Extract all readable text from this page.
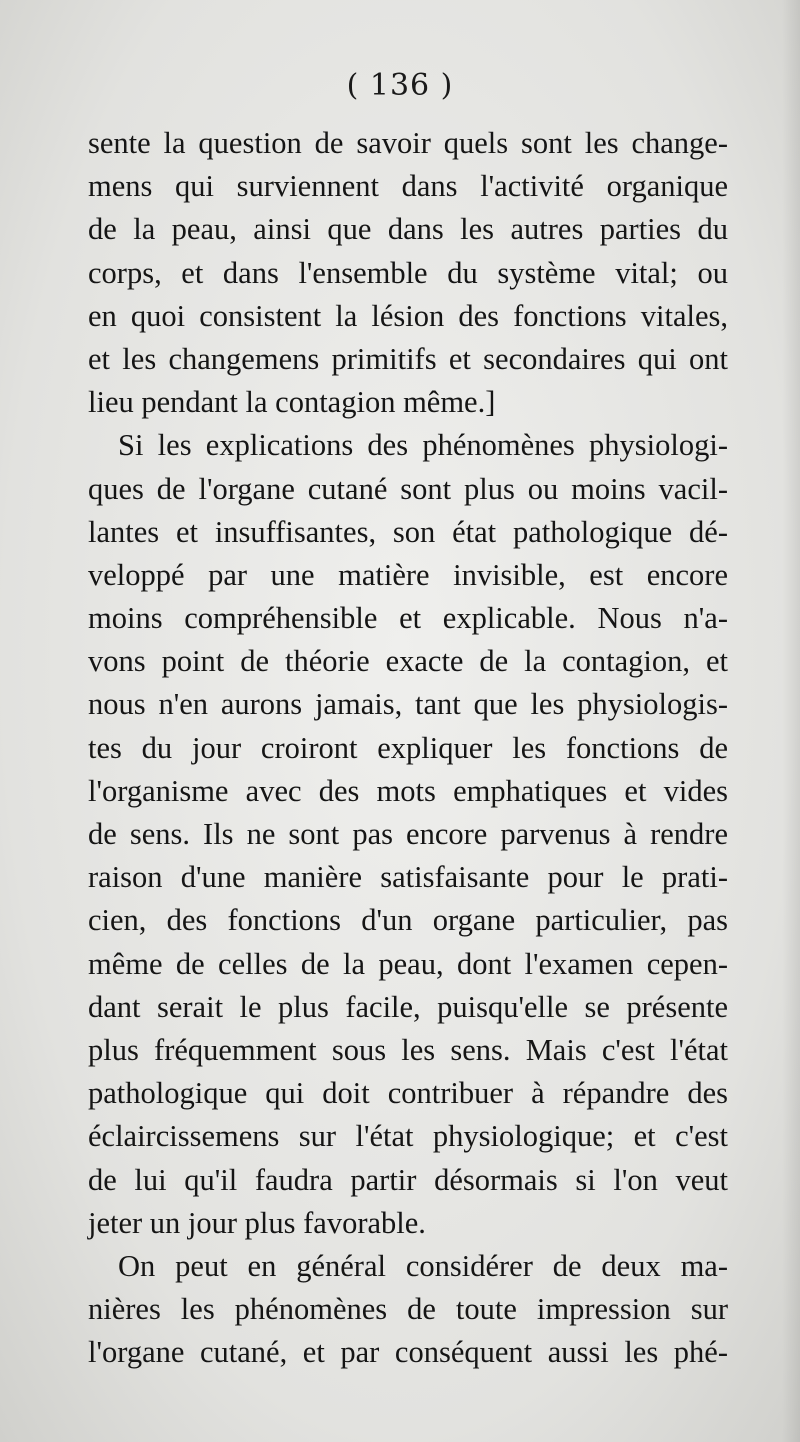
( 136 )
sente la question de savoir quels sont les change-
mens qui surviennent dans l'activité organique
de la peau, ainsi que dans les autres parties du
corps, et dans l'ensemble du système vital; ou
en quoi consistent la lésion des fonctions vitales,
et les changemens primitifs et secondaires qui ont
lieu pendant la contagion même.]
Si les explications des phénomènes physiologi-
ques de l'organe cutané sont plus ou moins vacil-
lantes et insuffisantes, son état pathologique dé-
veloppé par une matière invisible, est encore
moins compréhensible et explicable. Nous n'a-
vons point de théorie exacte de la contagion, et
nous n'en aurons jamais, tant que les physiologis-
tes du jour croiront expliquer les fonctions de
l'organisme avec des mots emphatiques et vides
de sens. Ils ne sont pas encore parvenus à rendre
raison d'une manière satisfaisante pour le prati-
cien, des fonctions d'un organe particulier, pas
même de celles de la peau, dont l'examen cepen-
dant serait le plus facile, puisqu'elle se présente
plus fréquemment sous les sens. Mais c'est l'état
pathologique qui doit contribuer à répandre des
éclaircissemens sur l'état physiologique; et c'est
de lui qu'il faudra partir désormais si l'on veut
jeter un jour plus favorable.
On peut en général considérer de deux ma-
nières les phénomènes de toute impression sur
l'organe cutané, et par conséquent aussi les phé-
